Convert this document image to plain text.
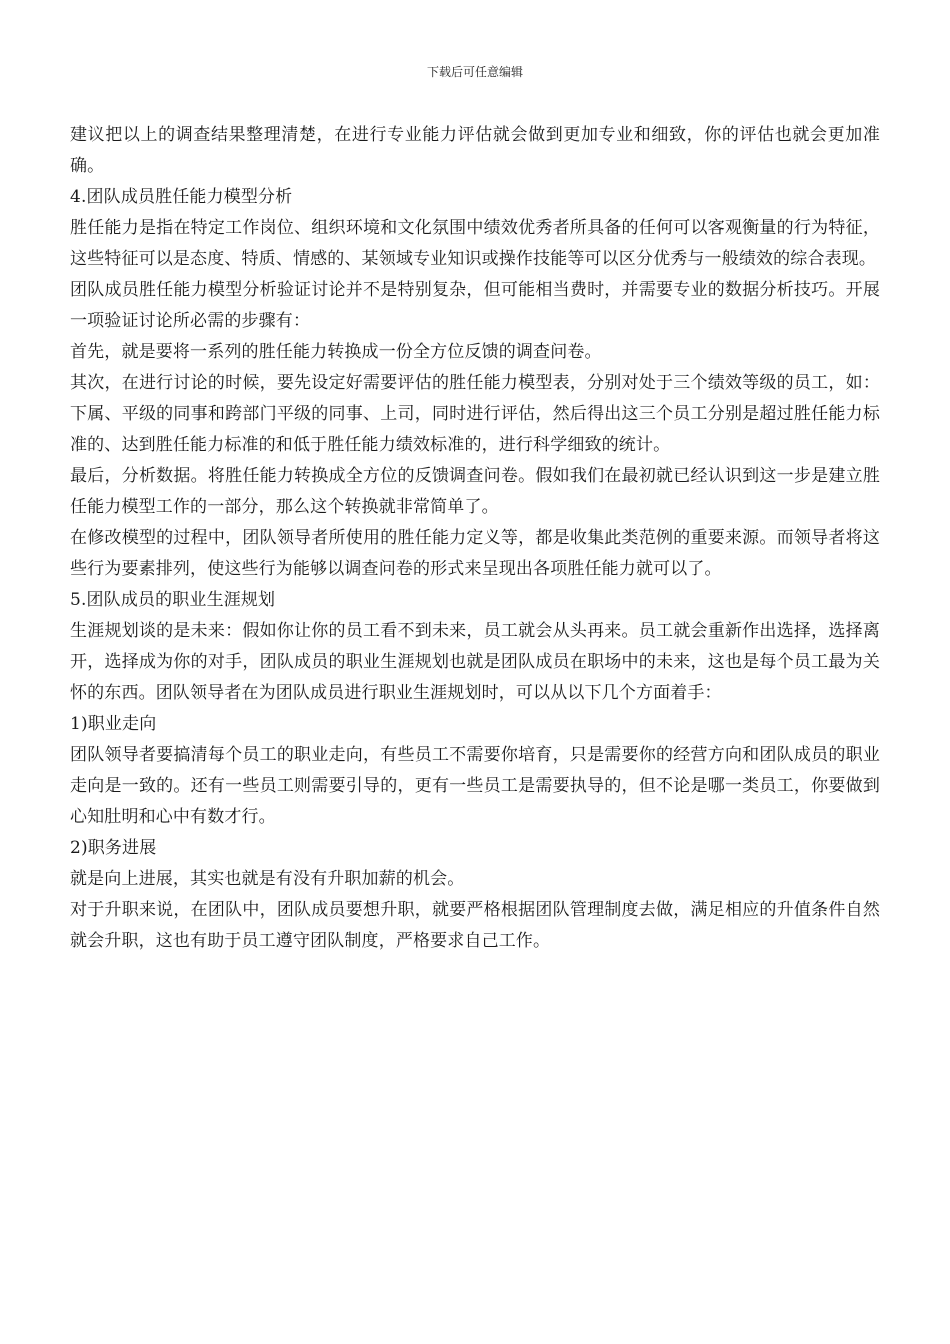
下载后可任意编辑

建议把以上的调查结果整理清楚，在进行专业能力评估就会做到更加专业和细致，你的评估也就会更加准确。

4.团队成员胜任能力模型分析

胜任能力是指在特定工作岗位、组织环境和文化氛围中绩效优秀者所具备的任何可以客观衡量的行为特征，这些特征可以是态度、特质、情感的、某领域专业知识或操作技能等可以区分优秀与一般绩效的综合表现。

团队成员胜任能力模型分析验证讨论并不是特别复杂，但可能相当费时，并需要专业的数据分析技巧。开展一项验证讨论所必需的步骤有：

首先，就是要将一系列的胜任能力转换成一份全方位反馈的调查问卷。

其次，在进行讨论的时候，要先设定好需要评估的胜任能力模型表，分别对处于三个绩效等级的员工，如：下属、平级的同事和跨部门平级的同事、上司，同时进行评估，然后得出这三个员工分别是超过胜任能力标准的、达到胜任能力标准的和低于胜任能力绩效标准的，进行科学细致的统计。

最后，分析数据。将胜任能力转换成全方位的反馈调查问卷。假如我们在最初就已经认识到这一步是建立胜任能力模型工作的一部分，那么这个转换就非常简单了。

在修改模型的过程中，团队领导者所使用的胜任能力定义等，都是收集此类范例的重要来源。而领导者将这些行为要素排列，使这些行为能够以调查问卷的形式来呈现出各项胜任能力就可以了。

5.团队成员的职业生涯规划

生涯规划谈的是未来：假如你让你的员工看不到未来，员工就会从头再来。员工就会重新作出选择，选择离开，选择成为你的对手，团队成员的职业生涯规划也就是团队成员在职场中的未来，这也是每个员工最为关怀的东西。团队领导者在为团队成员进行职业生涯规划时，可以从以下几个方面着手：

1)职业走向

团队领导者要搞清每个员工的职业走向，有些员工不需要你培育，只是需要你的经营方向和团队成员的职业走向是一致的。还有一些员工则需要引导的，更有一些员工是需要执导的，但不论是哪一类员工，你要做到心知肚明和心中有数才行。

2)职务进展

就是向上进展，其实也就是有没有升职加薪的机会。

对于升职来说，在团队中，团队成员要想升职，就要严格根据团队管理制度去做，满足相应的升值条件自然就会升职，这也有助于员工遵守团队制度，严格要求自己工作。
